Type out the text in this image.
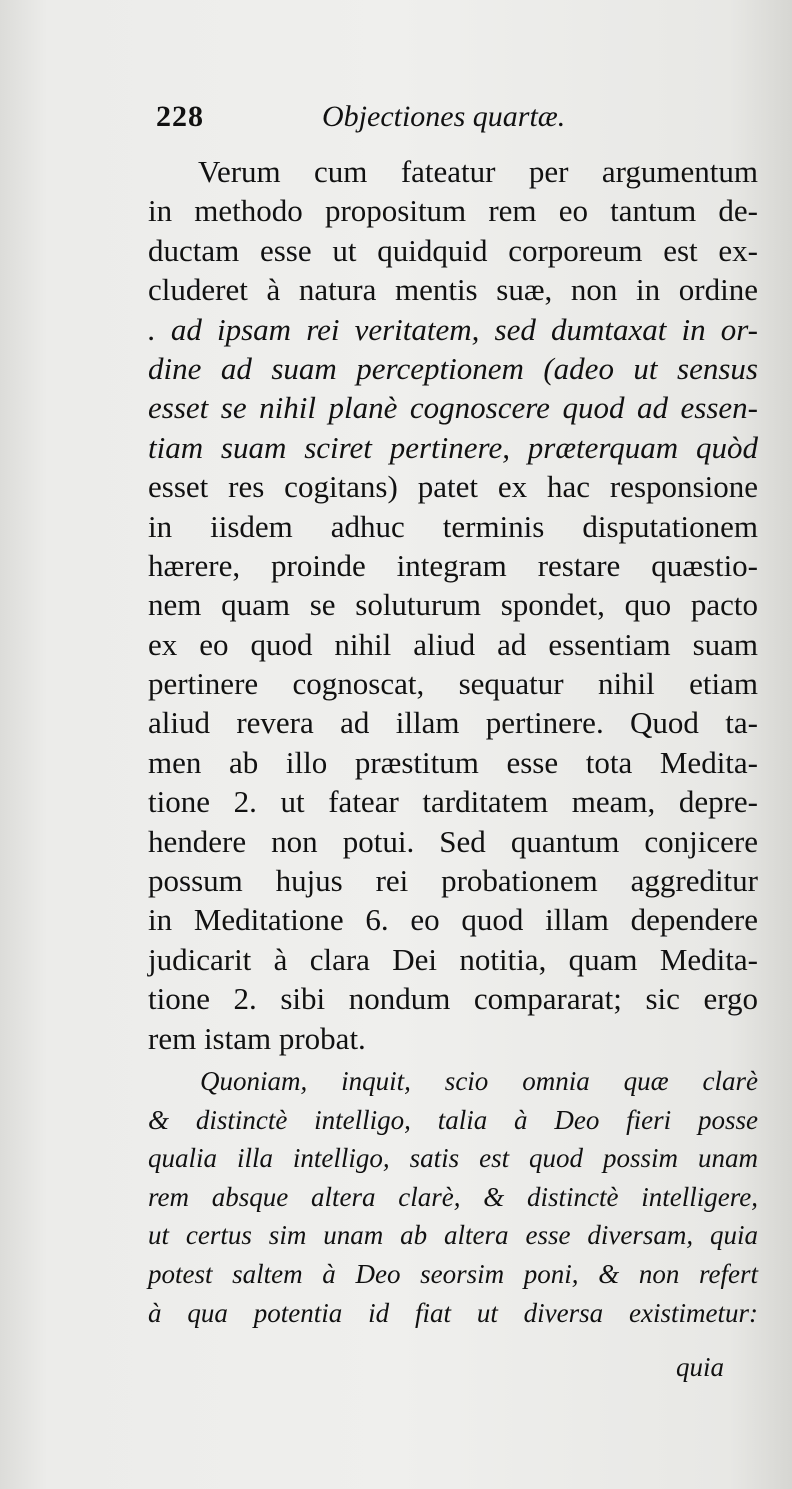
228	Objectiones quartæ.
Verum cum fateatur per argumentum
in methodo propositum rem eo tantum de-
ductam esse ut quidquid corporeum est ex-
cluderet à natura mentis suæ, non in ordine
. ad ipsam rei veritatem, sed dumtaxat in or-
dine ad suam perceptionem (adeo ut sensus
esset se nihil planè cognoscere quod ad essen-
tiam suam sciret pertinere, præterquam quòd
esset res cogitans) patet ex hac responsione
in iisdem adhuc terminis disputationem
hærere, proinde integram restare quæstio-
nem quam se soluturum spondet, quo pacto
ex eo quod nihil aliud ad essentiam suam
pertinere cognoscat, sequatur nihil etiam
aliud revera ad illam pertinere. Quod ta-
men ab illo præstitum esse tota Medita-
tione 2. ut fatear tarditatem meam, depre-
hendere non potui. Sed quantum conjicere
possum hujus rei probationem aggreditur
in Meditatione 6. eo quod illam dependere
judicarit à clara Dei notitia, quam Medita-
tione 2. sibi nondum compararat; sic ergo
rem istam probat.
Quoniam, inquit, scio omnia quæ clarè
& distinctè intelligo, talia à Deo fieri posse
qualia illa intelligo, satis est quod possim unam
rem absque altera clarè, & distinctè intelligere,
ut certus sim unam ab altera esse diversam, quia
potest saltem à Deo seorsim poni, & non refert
à qua potentia id fiat ut diversa existimetur:
quia
